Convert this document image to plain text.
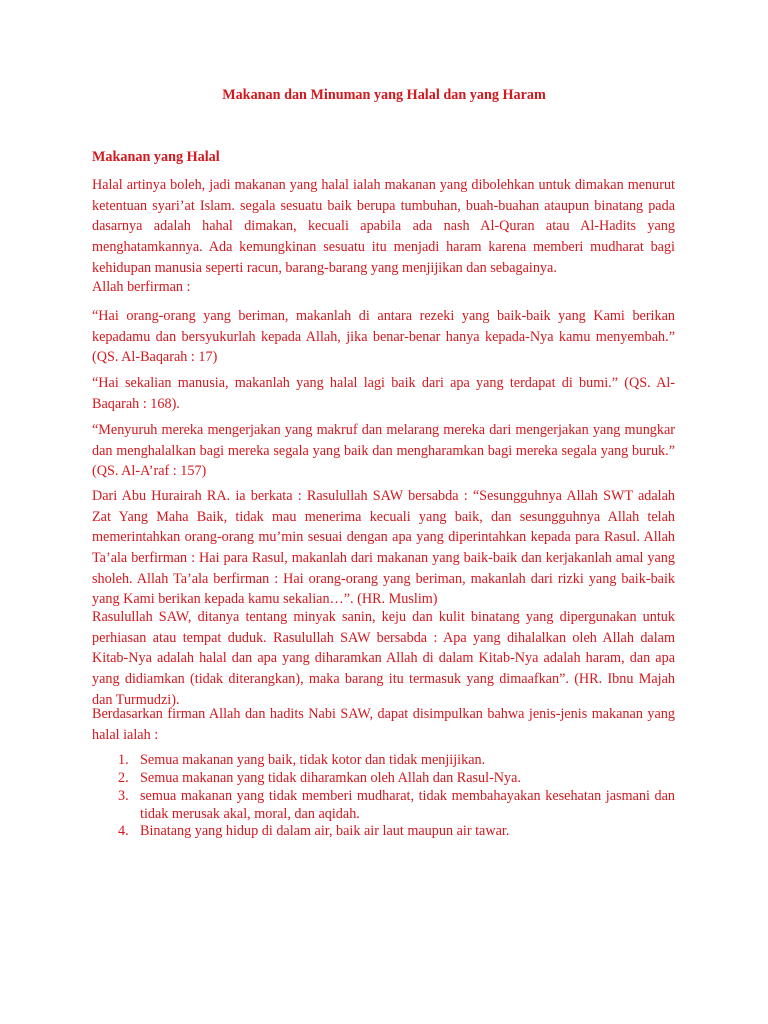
Makanan dan Minuman yang Halal dan yang Haram
Makanan yang Halal
Halal artinya boleh, jadi makanan yang halal ialah makanan yang dibolehkan untuk dimakan menurut
ketentuan syari’at Islam. segala sesuatu baik berupa tumbuhan, buah-buahan ataupun binatang pada
dasarnya adalah hahal dimakan, kecuali apabila ada nash Al-Quran atau Al-Hadits yang
menghatamkannya. Ada kemungkinan sesuatu itu menjadi haram karena memberi mudharat bagi
kehidupan manusia seperti racun, barang-barang yang menjijikan dan sebagainya.
Allah berfirman :
“Hai orang-orang yang beriman, makanlah di antara rezeki yang baik-baik yang Kami berikan
kepadamu dan bersyukurlah kepada Allah, jika benar-benar hanya kepada-Nya kamu menyembah.”
(QS. Al-Baqarah : 17)
“Hai sekalian manusia, makanlah yang halal lagi baik dari apa yang terdapat di bumi.” (QS. Al-
Baqarah : 168).
“Menyuruh mereka mengerjakan yang makruf dan melarang mereka dari mengerjakan yang mungkar
dan menghalalkan bagi mereka segala yang baik dan mengharamkan bagi mereka segala yang buruk.”
(QS. Al-A’raf : 157)
Dari Abu Hurairah RA. ia berkata : Rasulullah SAW bersabda : “Sesungguhnya Allah SWT adalah
Zat Yang Maha Baik, tidak mau menerima kecuali yang baik, dan sesungguhnya Allah telah
memerintahkan orang-orang mu’min sesuai dengan apa yang diperintahkan kepada para Rasul. Allah
Ta’ala berfirman : Hai para Rasul, makanlah dari makanan yang baik-baik dan kerjakanlah amal yang
sholeh. Allah Ta’ala berfirman : Hai orang-orang yang beriman, makanlah dari rizki yang baik-baik
yang Kami berikan kepada kamu sekalian…”. (HR. Muslim)
Rasulullah SAW, ditanya tentang minyak sanin, keju dan kulit binatang yang dipergunakan untuk
perhiasan atau tempat duduk. Rasulullah SAW bersabda : Apa yang dihalalkan oleh Allah dalam
Kitab-Nya adalah halal dan apa yang diharamkan Allah di dalam Kitab-Nya adalah haram, dan apa
yang didiamkan (tidak diterangkan), maka barang itu termasuk yang dimaafkan”. (HR. Ibnu Majah
dan Turmudzi).
Berdasarkan firman Allah dan hadits Nabi SAW, dapat disimpulkan bahwa jenis-jenis makanan yang
halal ialah :
1. Semua makanan yang baik, tidak kotor dan tidak menjijikan.
2. Semua makanan yang tidak diharamkan oleh Allah dan Rasul-Nya.
3. semua makanan yang tidak memberi mudharat, tidak membahayakan kesehatan jasmani dan
tidak merusak akal, moral, dan aqidah.
4. Binatang yang hidup di dalam air, baik air laut maupun air tawar.
